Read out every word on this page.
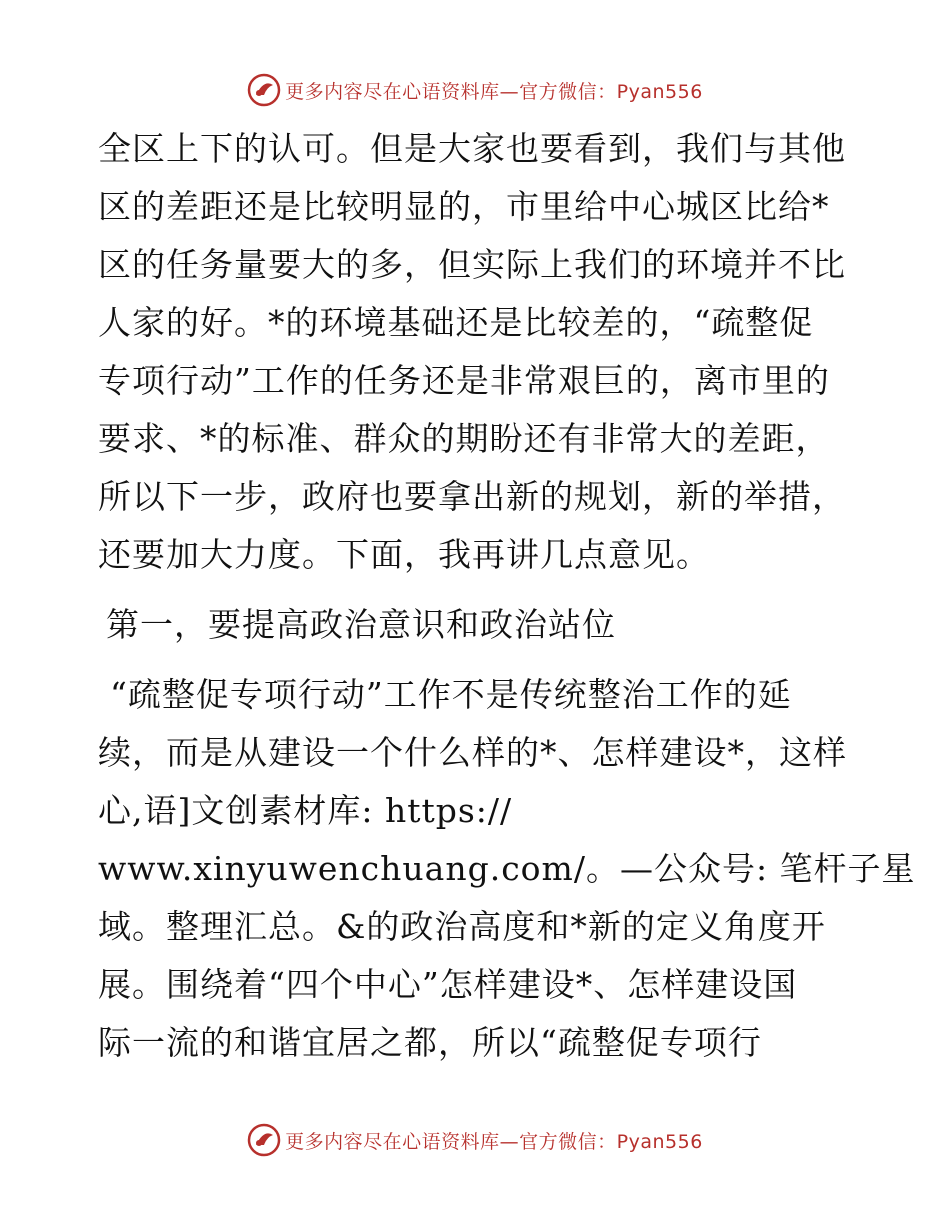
更多内容尽在心语资料库—官方微信：Pyan556

全区上下的认可。但是大家也要看到，我们与其他
区的差距还是比较明显的，市里给中心城区比给*
区的任务量要大的多，但实际上我们的环境并不比
人家的好。*的环境基础还是比较差的，“疏整促
专项行动”工作的任务还是非常艰巨的，离市里的
要求、*的标准、群众的期盼还有非常大的差距，
所以下一步，政府也要拿出新的规划，新的举措，
还要加大力度。下面，我再讲几点意见。

第一，要提高政治意识和政治站位

“疏整促专项行动”工作不是传统整治工作的延
续，而是从建设一个什么样的*、怎样建设*，这样
心,语]文创素材库: https://
www.xinyuwenchuang.com/。—公众号: 笔杆子星
域。整理汇总。&的政治高度和*新的定义角度开
展。围绕着“四个中心”怎样建设*、怎样建设国
际一流的和谐宜居之都，所以“疏整促专项行

更多内容尽在心语资料库—官方微信：Pyan556
